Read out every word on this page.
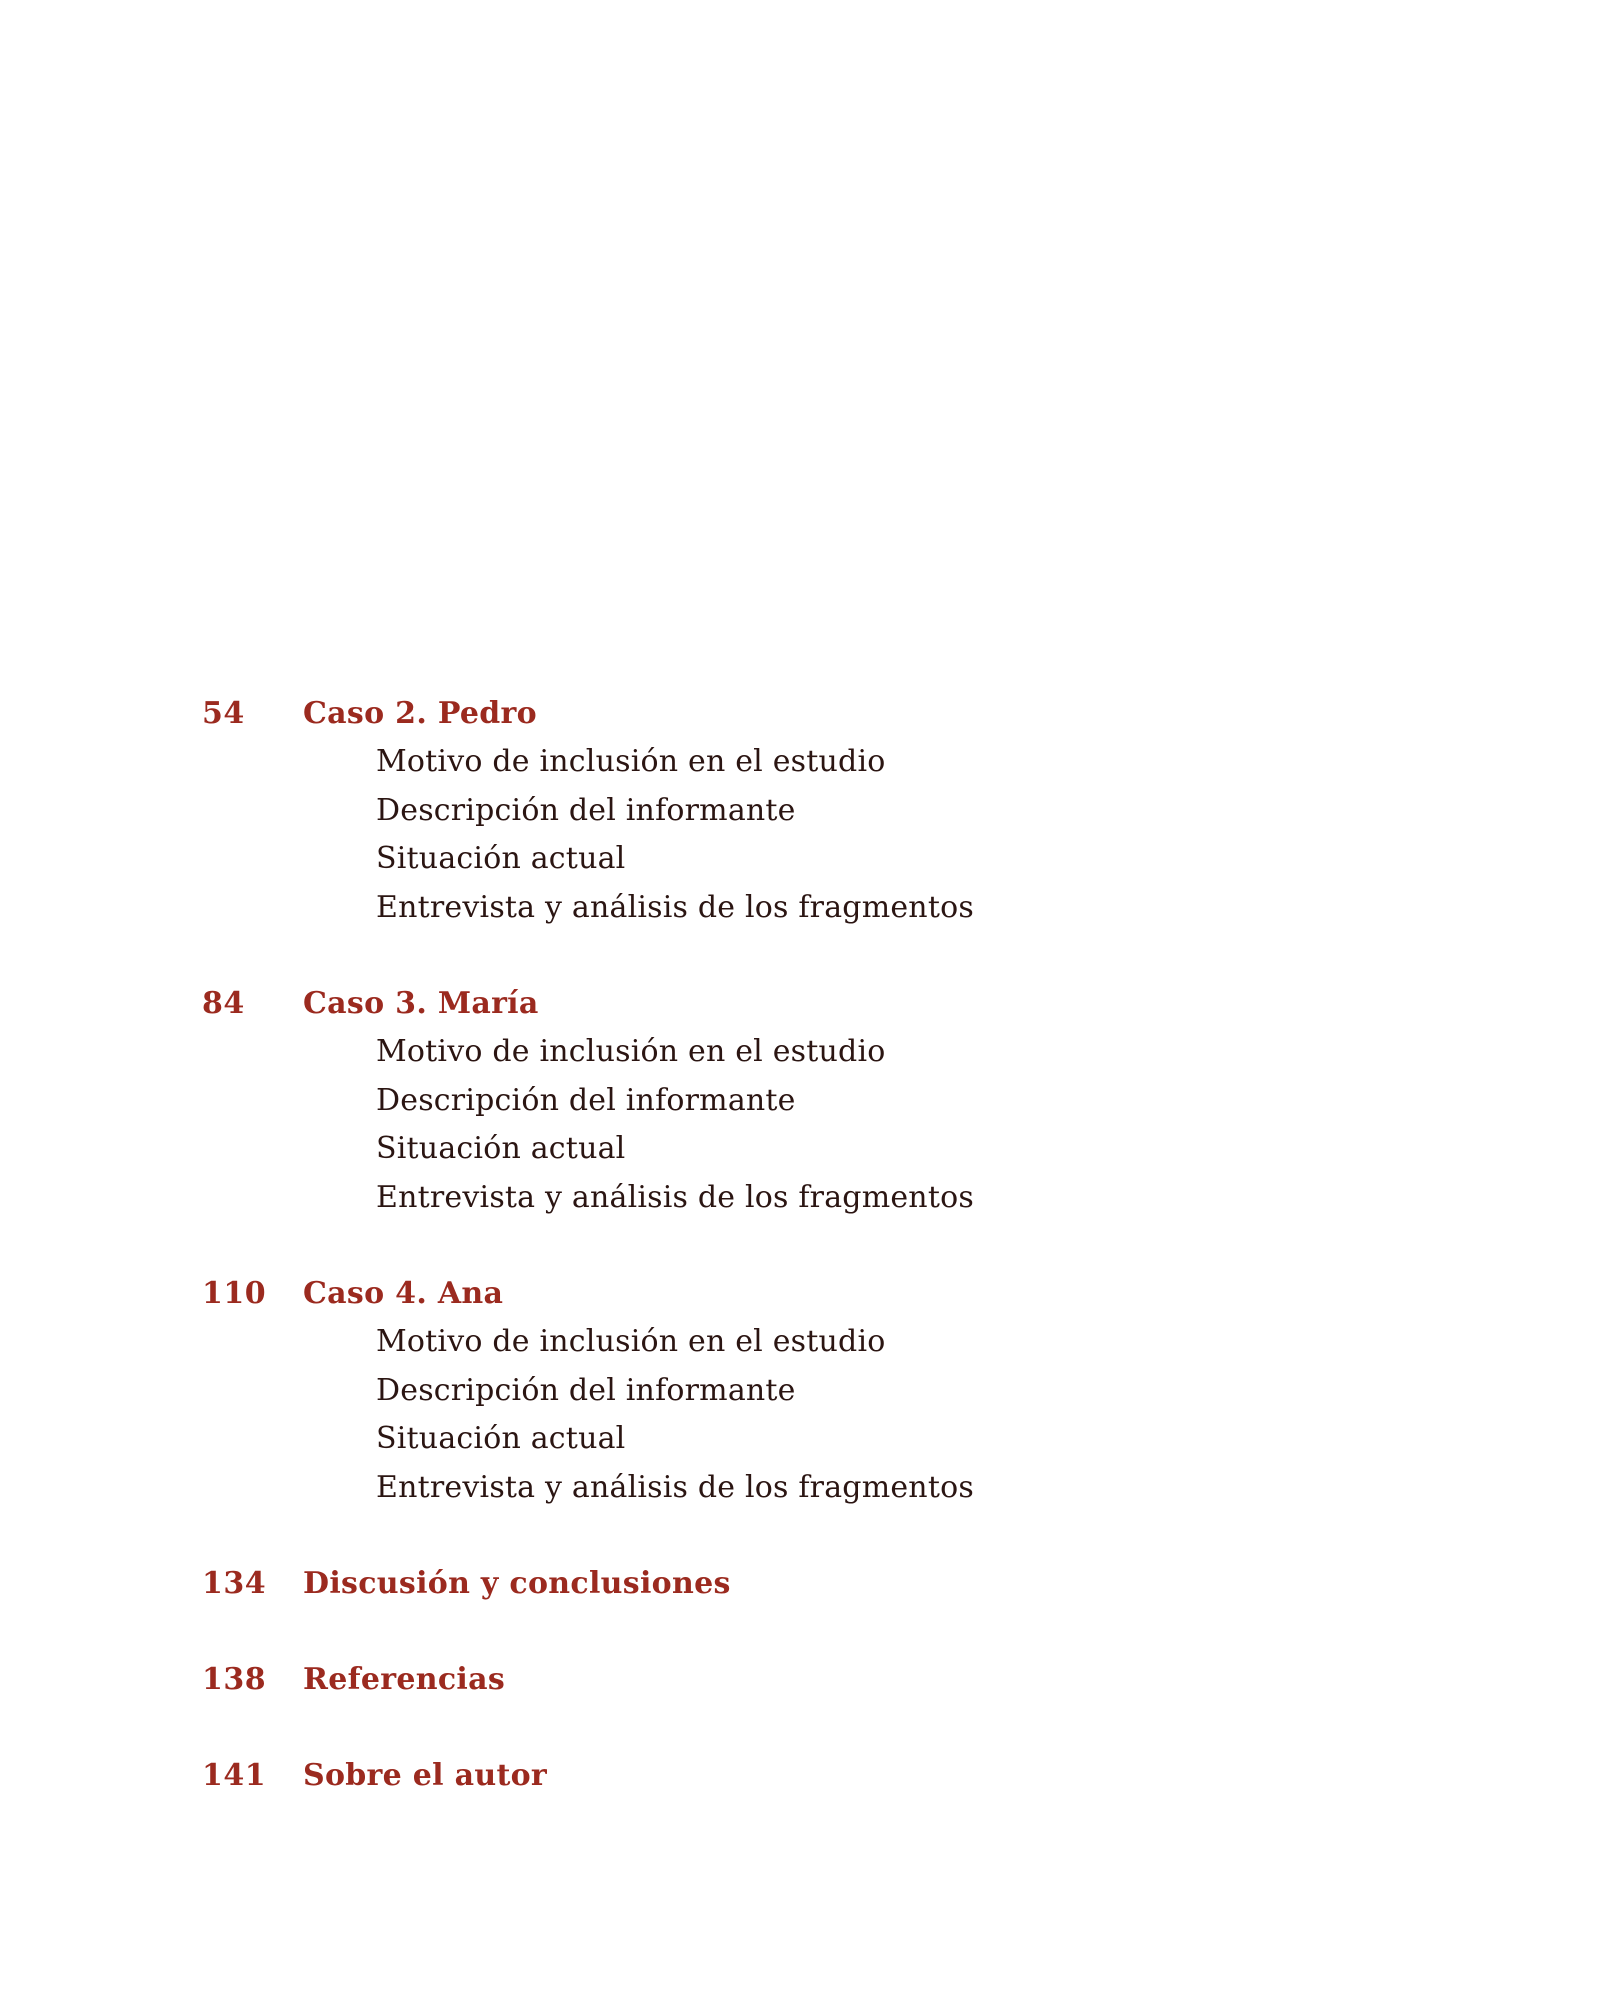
54 Caso 2. Pedro
Motivo de inclusión en el estudio
Descripción del informante
Situación actual
Entrevista y análisis de los fragmentos
84 Caso 3. María
Motivo de inclusión en el estudio
Descripción del informante
Situación actual
Entrevista y análisis de los fragmentos
110 Caso 4. Ana
Motivo de inclusión en el estudio
Descripción del informante
Situación actual
Entrevista y análisis de los fragmentos
134 Discusión y conclusiones
138 Referencias
141 Sobre el autor
